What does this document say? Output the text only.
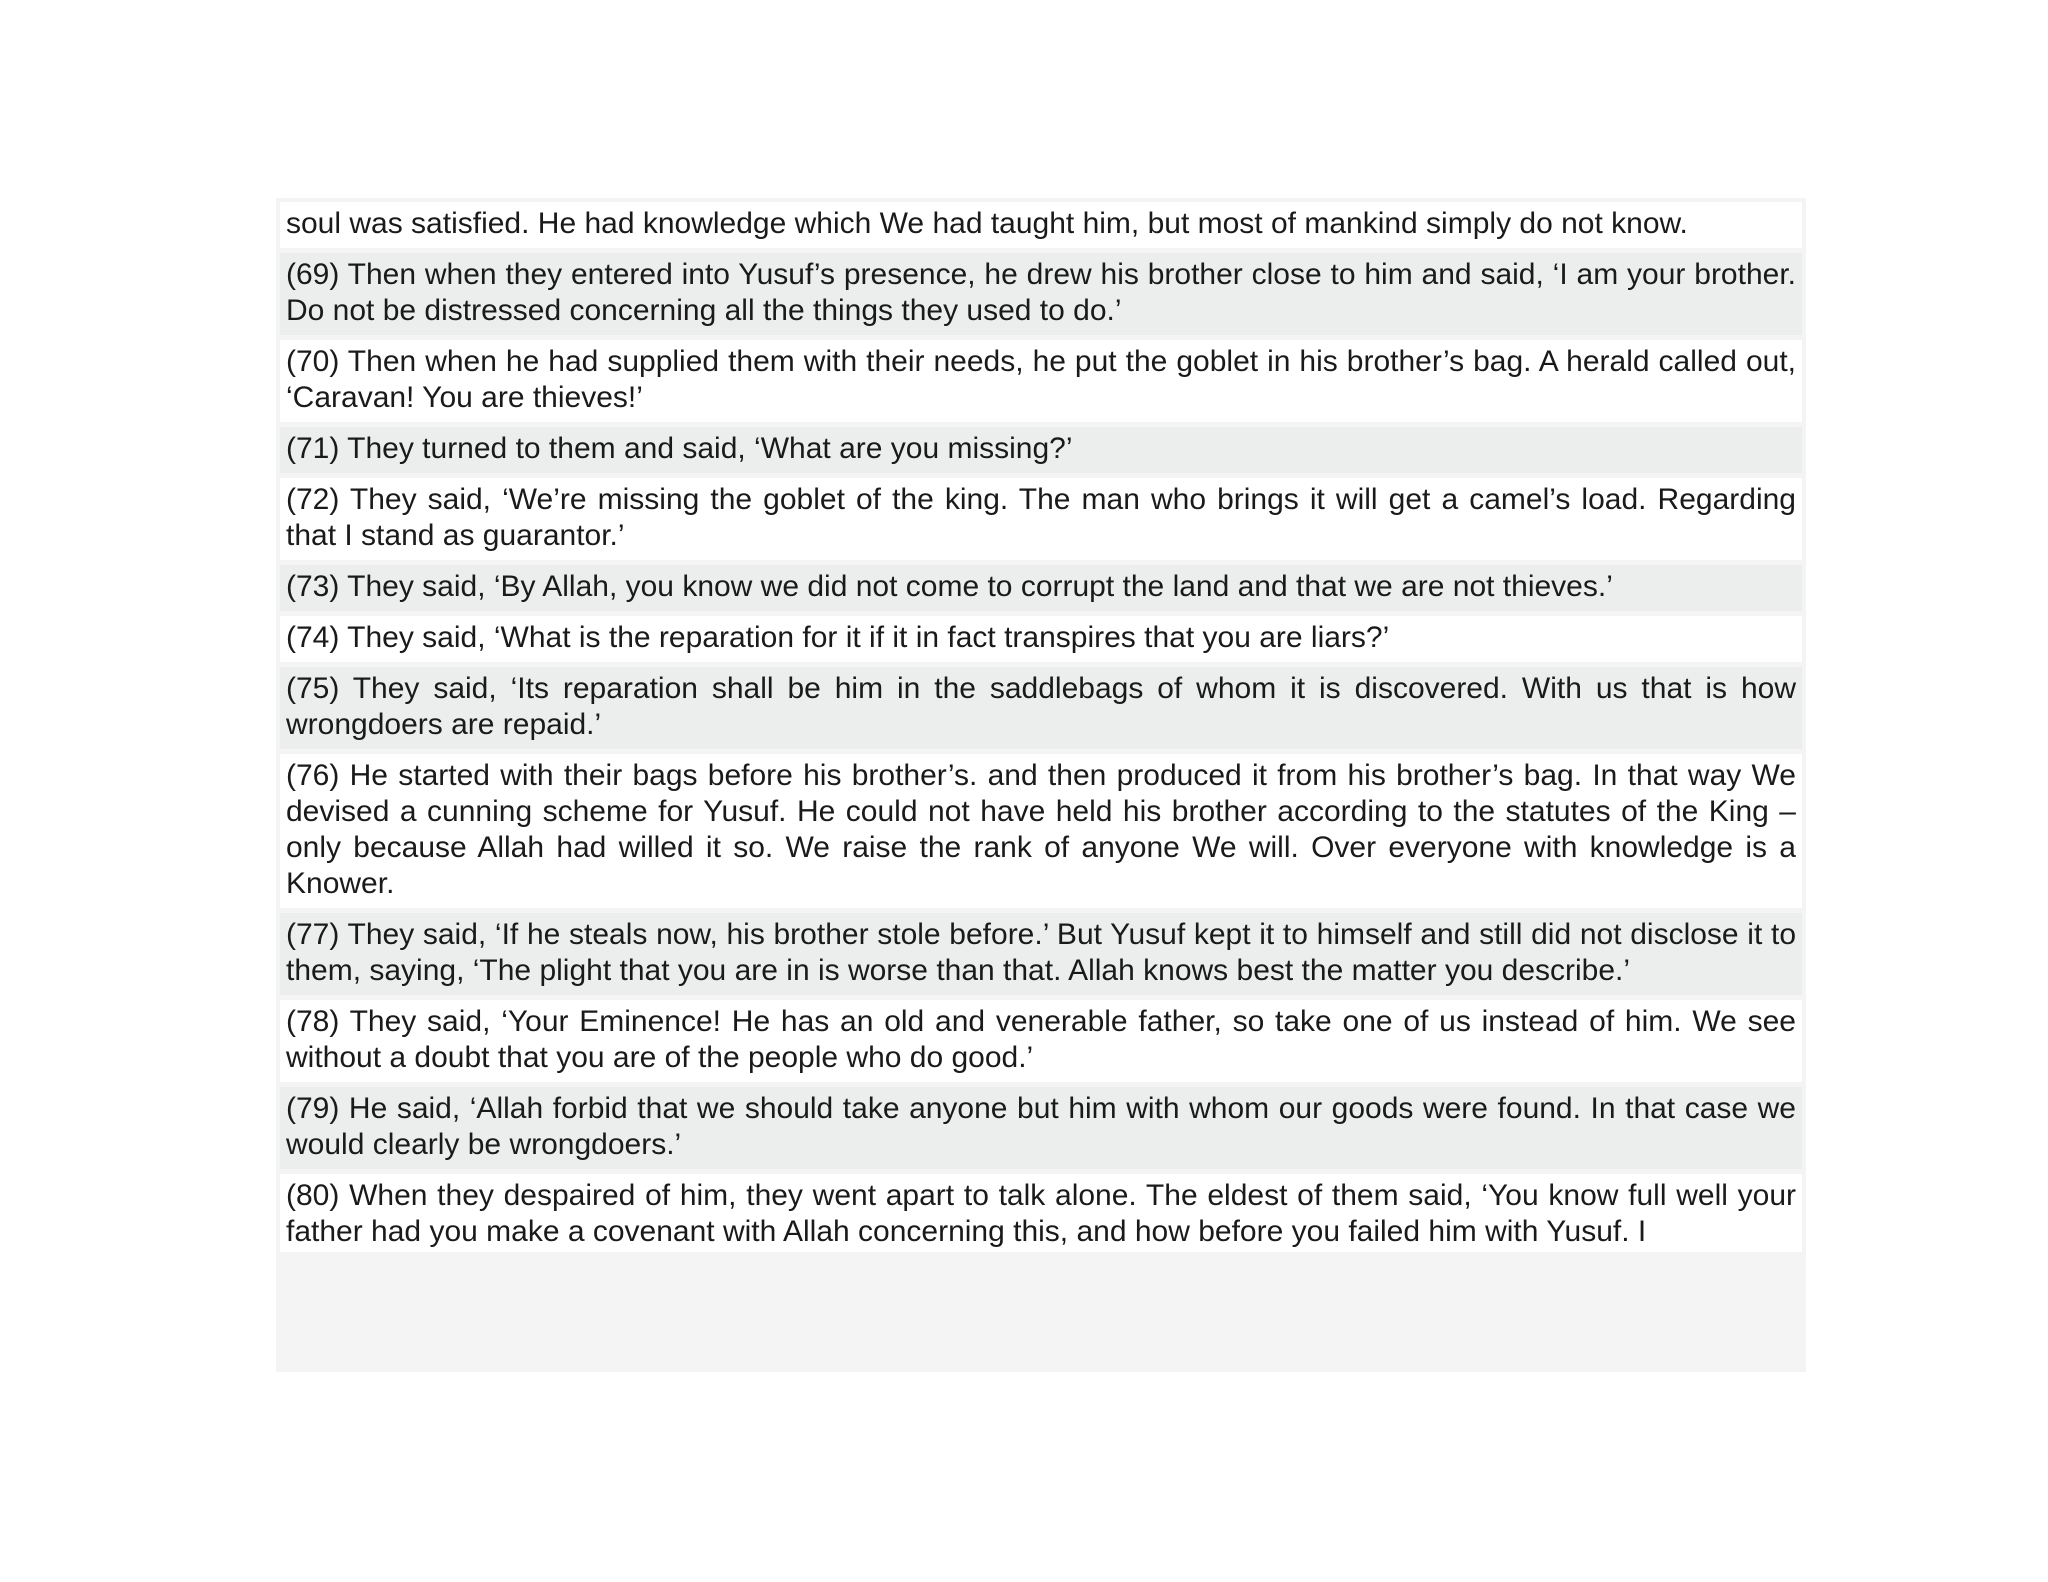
soul was satisfied. He had knowledge which We had taught him, but most of mankind simply do not know.
(69) Then when they entered into Yusuf’s presence, he drew his brother close to him and said, ‘I am your brother. Do not be distressed concerning all the things they used to do.’
(70) Then when he had supplied them with their needs, he put the goblet in his brother’s bag. A herald called out, ‘Caravan! You are thieves!’
(71) They turned to them and said, ‘What are you missing?’
(72) They said, ‘We’re missing the goblet of the king. The man who brings it will get a camel’s load. Regarding that I stand as guarantor.’
(73) They said, ‘By Allah, you know we did not come to corrupt the land and that we are not thieves.’
(74) They said, ‘What is the reparation for it if it in fact transpires that you are liars?’
(75) They said, ‘Its reparation shall be him in the saddlebags of whom it is discovered. With us that is how wrongdoers are repaid.’
(76) He started with their bags before his brother’s. and then produced it from his brother’s bag. In that way We devised a cunning scheme for Yusuf. He could not have held his brother according to the statutes of the King – only because Allah had willed it so. We raise the rank of anyone We will. Over everyone with knowledge is a Knower.
(77) They said, ‘If he steals now, his brother stole before.’ But Yusuf kept it to himself and still did not disclose it to them, saying, ‘The plight that you are in is worse than that. Allah knows best the matter you describe.’
(78) They said, ‘Your Eminence! He has an old and venerable father, so take one of us instead of him. We see without a doubt that you are of the people who do good.’
(79) He said, ‘Allah forbid that we should take anyone but him with whom our goods were found. In that case we would clearly be wrongdoers.’
(80) When they despaired of him, they went apart to talk alone. The eldest of them said, ‘You know full well your father had you make a covenant with Allah concerning this, and how before you failed him with Yusuf. I
